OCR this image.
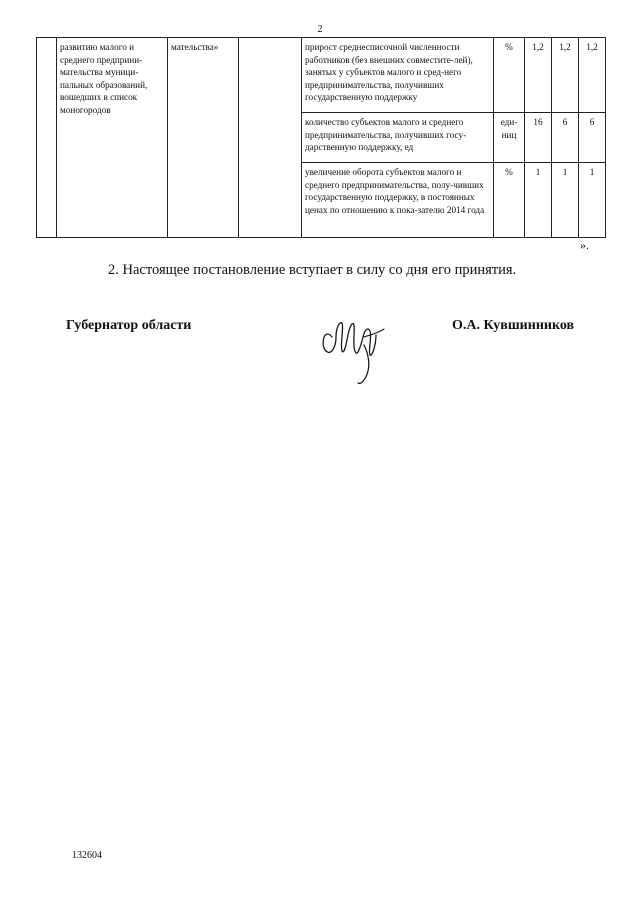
2
	развитию малого и среднего предприни-мательства муници-пальных образований, вошедших в список моногородов	мательства»		прирост среднесписочной численности работников (без внешних совместите-лей), занятых у субъектов малого и сред-него предпринимательства, получивших государственную поддержку	%	1,2	1,2	1,2
				количество субъектов малого и среднего предпринимательства, получивших госу-дарственную поддержку, ед	еди-ниц	16	6	6
				увеличение оборота субъектов малого и среднего предпринимательства, полу-чивших государственную поддержку, в постоянных ценах по отношению к пока-зателю 2014 года	%	1	1	1
».
2. Настоящее постановление вступает в силу со дня его принятия.
Губернатор области	О.А. Кувшинников
132604
